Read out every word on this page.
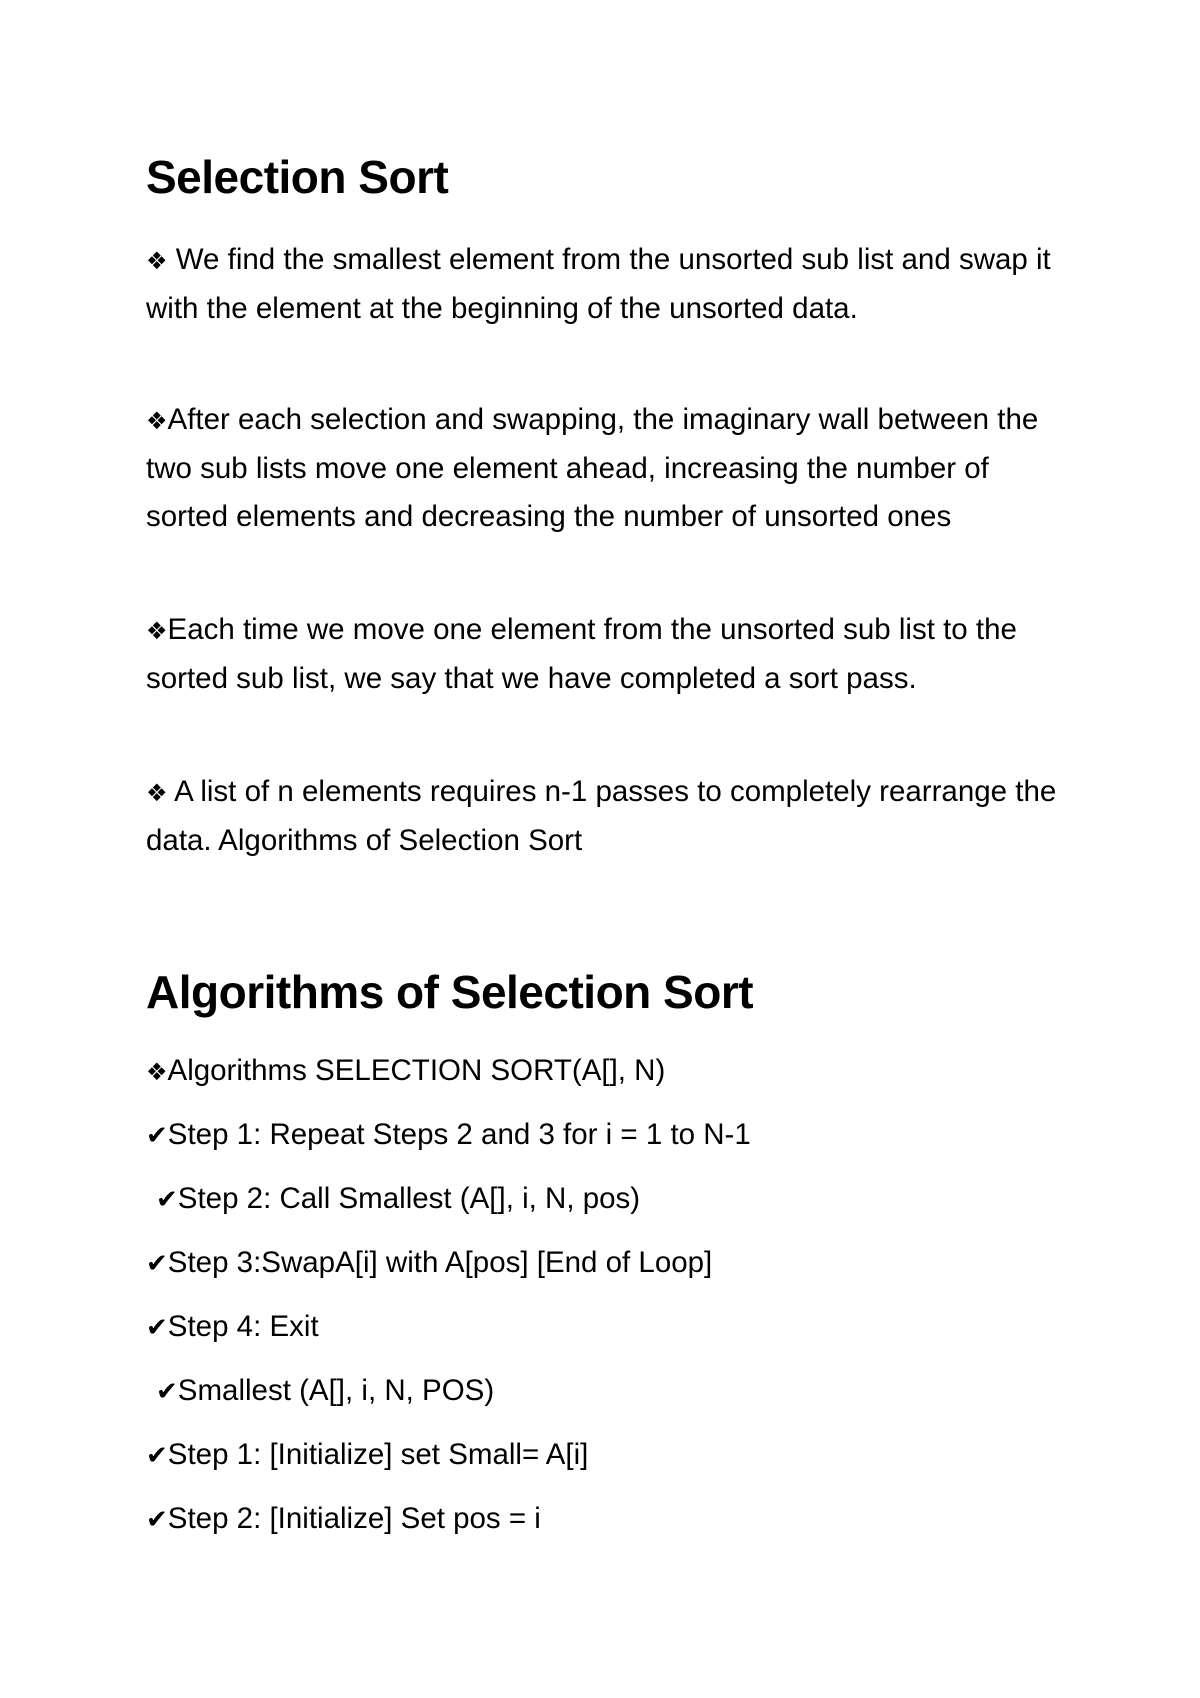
Selection Sort

❖ We find the smallest element from the unsorted sub list and swap it with the element at the beginning of the unsorted data.

❖After each selection and swapping, the imaginary wall between the two sub lists move one element ahead, increasing the number of sorted elements and decreasing the number of unsorted ones

❖Each time we move one element from the unsorted sub list to the sorted sub list, we say that we have completed a sort pass.

❖ A list of n elements requires n-1 passes to completely rearrange the data. Algorithms of Selection Sort

Algorithms of Selection Sort
❖Algorithms SELECTION SORT(A[], N)
✔Step 1: Repeat Steps 2 and 3 for i = 1 to N-1
✔Step 2: Call Smallest (A[], i, N, pos)
✔Step 3:SwapA[i] with A[pos] [End of Loop]
✔Step 4: Exit
✔Smallest (A[], i, N, POS)
✔Step 1: [Initialize] set Small= A[i]
✔Step 2: [Initialize] Set pos = i
